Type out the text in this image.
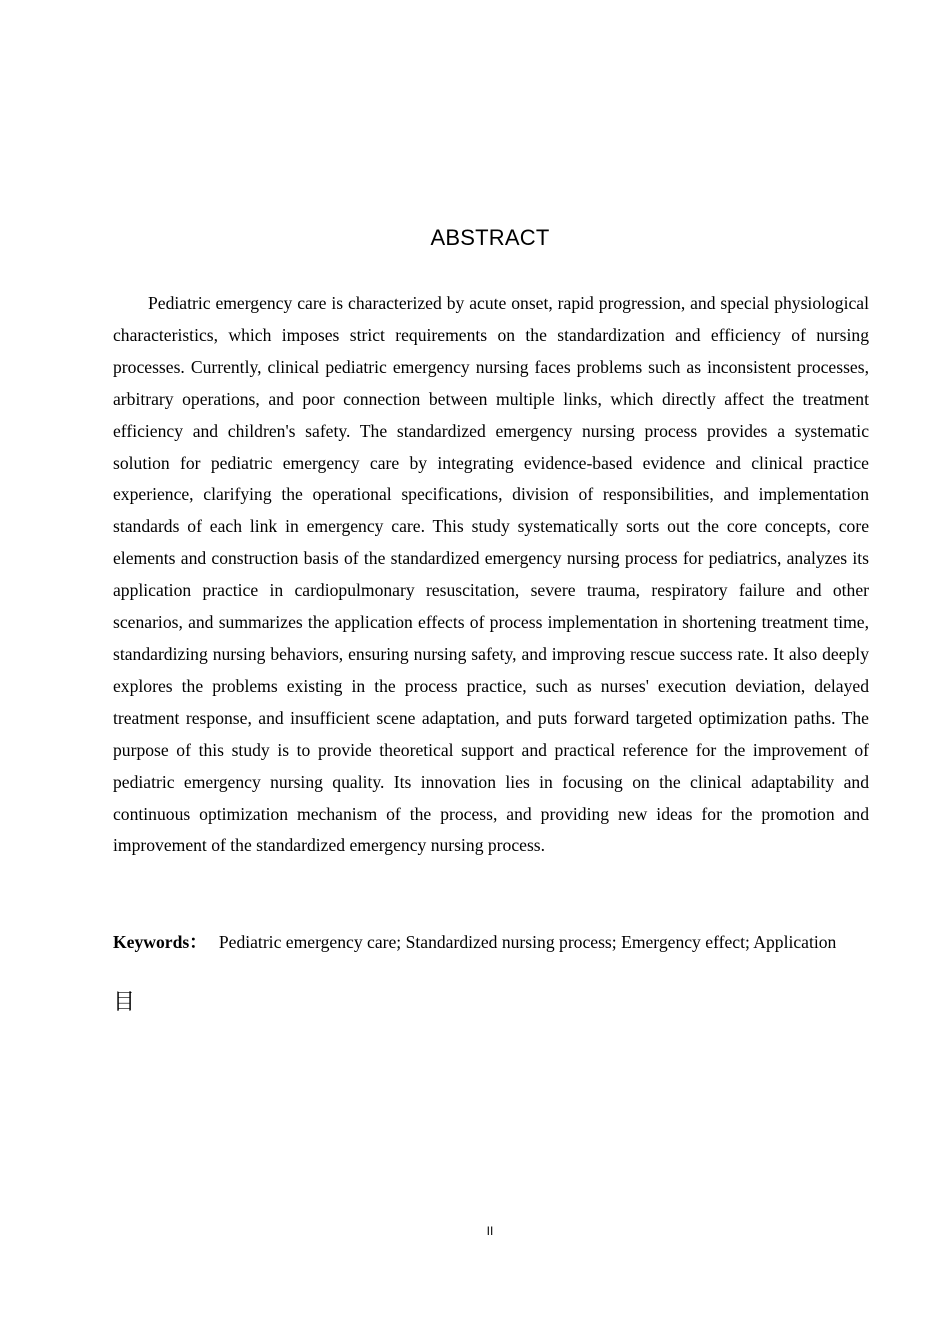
ABSTRACT

Pediatric emergency care is characterized by acute onset, rapid progression, and special physiological characteristics, which imposes strict requirements on the standardization and efficiency of nursing processes. Currently, clinical pediatric emergency nursing faces problems such as inconsistent processes, arbitrary operations, and poor connection between multiple links, which directly affect the treatment efficiency and children's safety. The standardized emergency nursing process provides a systematic solution for pediatric emergency care by integrating evidence-based evidence and clinical practice experience, clarifying the operational specifications, division of responsibilities, and implementation standards of each link in emergency care. This study systematically sorts out the core concepts, core elements and construction basis of the standardized emergency nursing process for pediatrics, analyzes its application practice in cardiopulmonary resuscitation, severe trauma, respiratory failure and other scenarios, and summarizes the application effects of process implementation in shortening treatment time, standardizing nursing behaviors, ensuring nursing safety, and improving rescue success rate. It also deeply explores the problems existing in the process practice, such as nurses' execution deviation, delayed treatment response, and insufficient scene adaptation, and puts forward targeted optimization paths. The purpose of this study is to provide theoretical support and practical reference for the improvement of pediatric emergency nursing quality. Its innovation lies in focusing on the clinical adaptability and continuous optimization mechanism of the process, and providing new ideas for the promotion and improvement of the standardized emergency nursing process.

Keywords： Pediatric emergency care; Standardized nursing process; Emergency effect; Application

目
II
